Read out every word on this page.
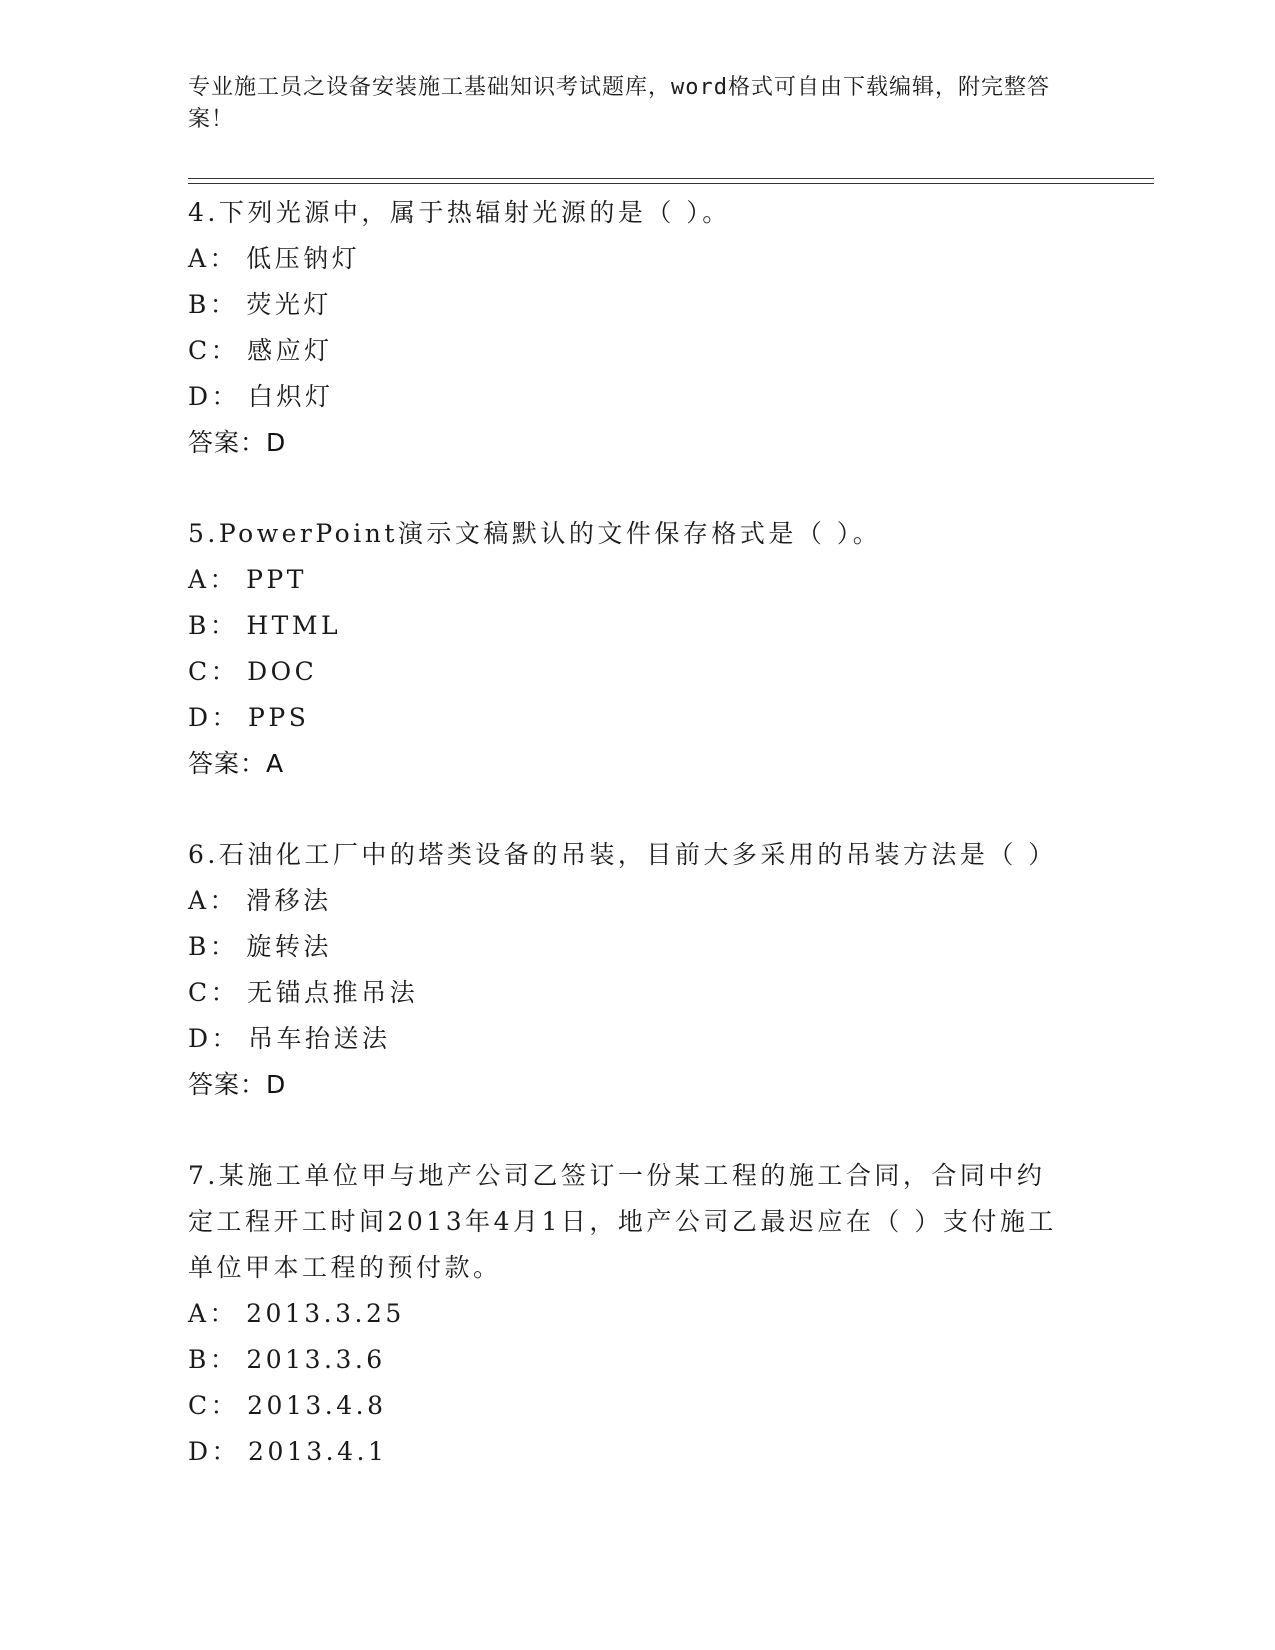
专业施工员之设备安装施工基础知识考试题库，word格式可自由下载编辑，附完整答案！
4.下列光源中，属于热辐射光源的是（ ）。
A： 低压钠灯
B： 荧光灯
C： 感应灯
D： 白炽灯
答案：D
5.PowerPoint演示文稿默认的文件保存格式是（ ）。
A： PPT
B： HTML
C： DOC
D： PPS
答案：A
6.石油化工厂中的塔类设备的吊装，目前大多采用的吊装方法是（ ）
A： 滑移法
B： 旋转法
C： 无锚点推吊法
D： 吊车抬送法
答案：D
7.某施工单位甲与地产公司乙签订一份某工程的施工合同，合同中约定工程开工时间2013年4月1日，地产公司乙最迟应在（ ）支付施工单位甲本工程的预付款。
A： 2013.3.25
B： 2013.3.6
C： 2013.4.8
D： 2013.4.1
